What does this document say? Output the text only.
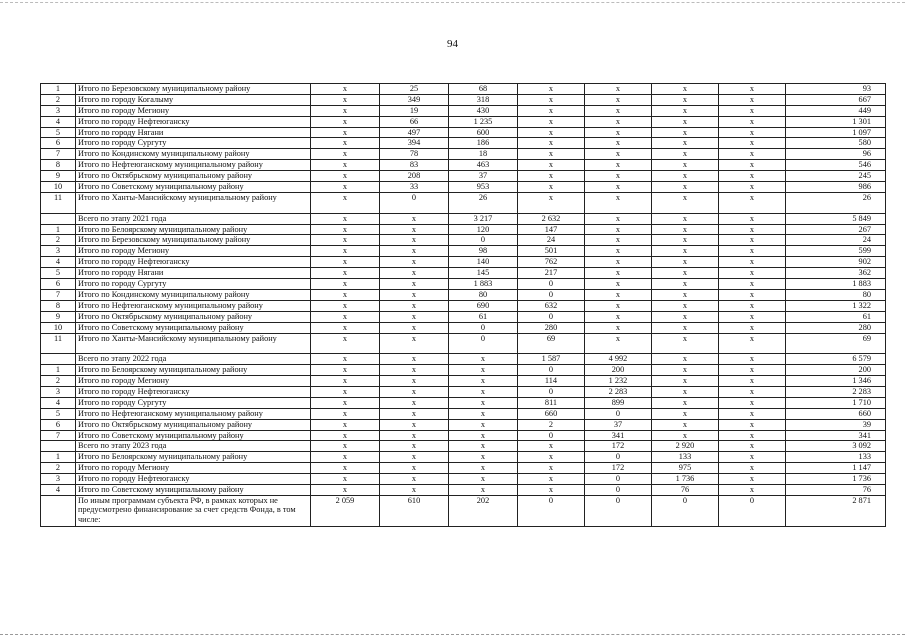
94
1	Итого по Березовскому муниципальному району	x	25	68	x	x	x	x	93
2	Итого по городу Когалыму	x	349	318	x	x	x	x	667
3	Итого по городу Мегиону	x	19	430	x	x	x	x	449
4	Итого по городу Нефтеюганску	x	66	1 235	x	x	x	x	1 301
5	Итого по городу Нягани	x	497	600	x	x	x	x	1 097
6	Итого по городу Сургуту	x	394	186	x	x	x	x	580
7	Итого по Кондинскому муниципальному району	x	78	18	x	x	x	x	96
8	Итого по Нефтеюганскому муниципальному району	x	83	463	x	x	x	x	546
9	Итого по Октябрьскому муниципальному району	x	208	37	x	x	x	x	245
10	Итого по Советскому муниципальному району	x	33	953	x	x	x	x	986
11	Итого по Ханты-Мансийскому муниципальному району	x	0	26	x	x	x	x	26
	Всего по этапу 2021 года	x	x	3 217	2 632	x	x	x	5 849
1	Итого по Белоярскому муниципальному району	x	x	120	147	x	x	x	267
2	Итого по Березовскому муниципальному району	x	x	0	24	x	x	x	24
3	Итого по городу Мегиону	x	x	98	501	x	x	x	599
4	Итого по городу Нефтеюганску	x	x	140	762	x	x	x	902
5	Итого по городу Нягани	x	x	145	217	x	x	x	362
6	Итого по городу Сургуту	x	x	1 883	0	x	x	x	1 883
7	Итого по Кондинскому муниципальному району	x	x	80	0	x	x	x	80
8	Итого по Нефтеюганскому муниципальному району	x	x	690	632	x	x	x	1 322
9	Итого по Октябрьскому муниципальному району	x	x	61	0	x	x	x	61
10	Итого по Советскому муниципальному району	x	x	0	280	x	x	x	280
11	Итого по Ханты-Мансийскому муниципальному району	x	x	0	69	x	x	x	69
	Всего по этапу 2022 года	x	x	x	1 587	4 992	x	x	6 579
1	Итого по Белоярскому муниципальному району	x	x	x	0	200	x	x	200
2	Итого по городу Мегиону	x	x	x	114	1 232	x	x	1 346
3	Итого по городу Нефтеюганску	x	x	x	0	2 283	x	x	2 283
4	Итого по городу Сургуту	x	x	x	811	899	x	x	1 710
5	Итого по Нефтеюганскому муниципальному району	x	x	x	660	0	x	x	660
6	Итого по Октябрьскому муниципальному району	x	x	x	2	37	x	x	39
7	Итого по Советскому муниципальному району	x	x	x	0	341	x	x	341
	Всего по этапу 2023 года	x	x	x	x	172	2 920	x	3 092
1	Итого по Белоярскому муниципальному району	x	x	x	x	0	133	x	133
2	Итого по городу Мегиону	x	x	x	x	172	975	x	1 147
3	Итого по городу Нефтеюганску	x	x	x	x	0	1 736	x	1 736
4	Итого по Советскому муниципальному району	x	x	x	x	0	76	x	76
	По иным программам субъекта РФ, в рамках которых не предусмотрено финансирование за счет средств Фонда, в том числе:	2 059	610	202	0	0	0	0	2 871
